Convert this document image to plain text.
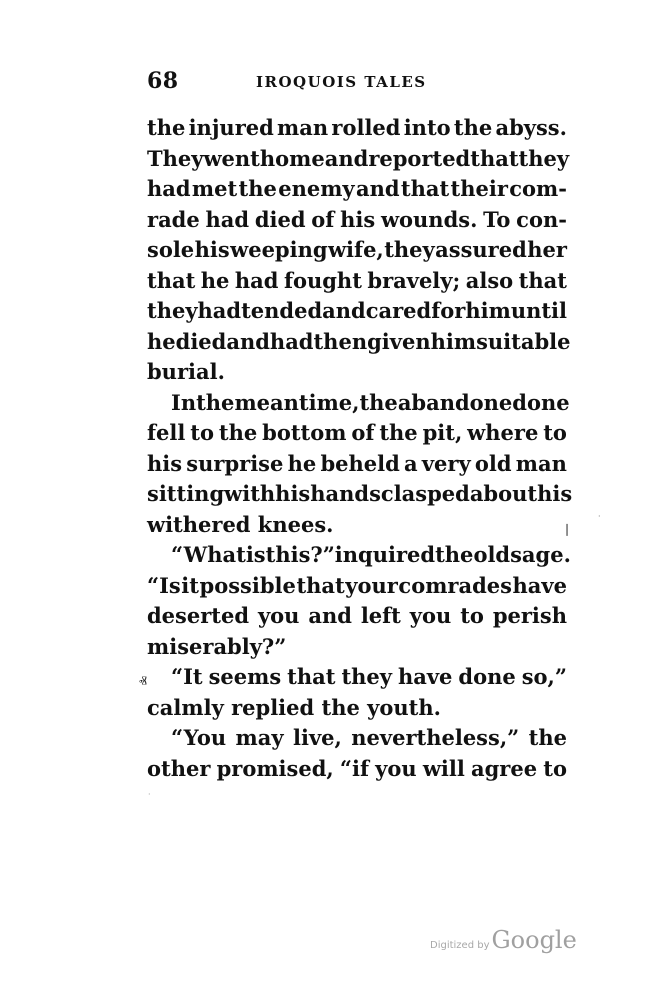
68	IROQUOIS TALES
the injured man rolled into the abyss.
They went home and reported that they
had met the enemy and that their com-
rade had died of his wounds. To con-
sole his weeping wife, they assured her
that he had fought bravely; also that
they had tended and cared for him until
he died and had then given him suitable
burial.
In the meantime, the abandoned one
fell to the bottom of the pit, where to
his surprise he beheld a very old man
sitting with his hands clasped about his
withered knees.
“What is this?” inquired the old sage.
“Is it possible that your comrades have
deserted you and left you to perish
miserably?”
“It seems that they have done so,”
calmly replied the youth.
“You may live, nevertheless,” the
other promised, “if you will agree to
❘
ⱏ
·
·
Digitized by Google
